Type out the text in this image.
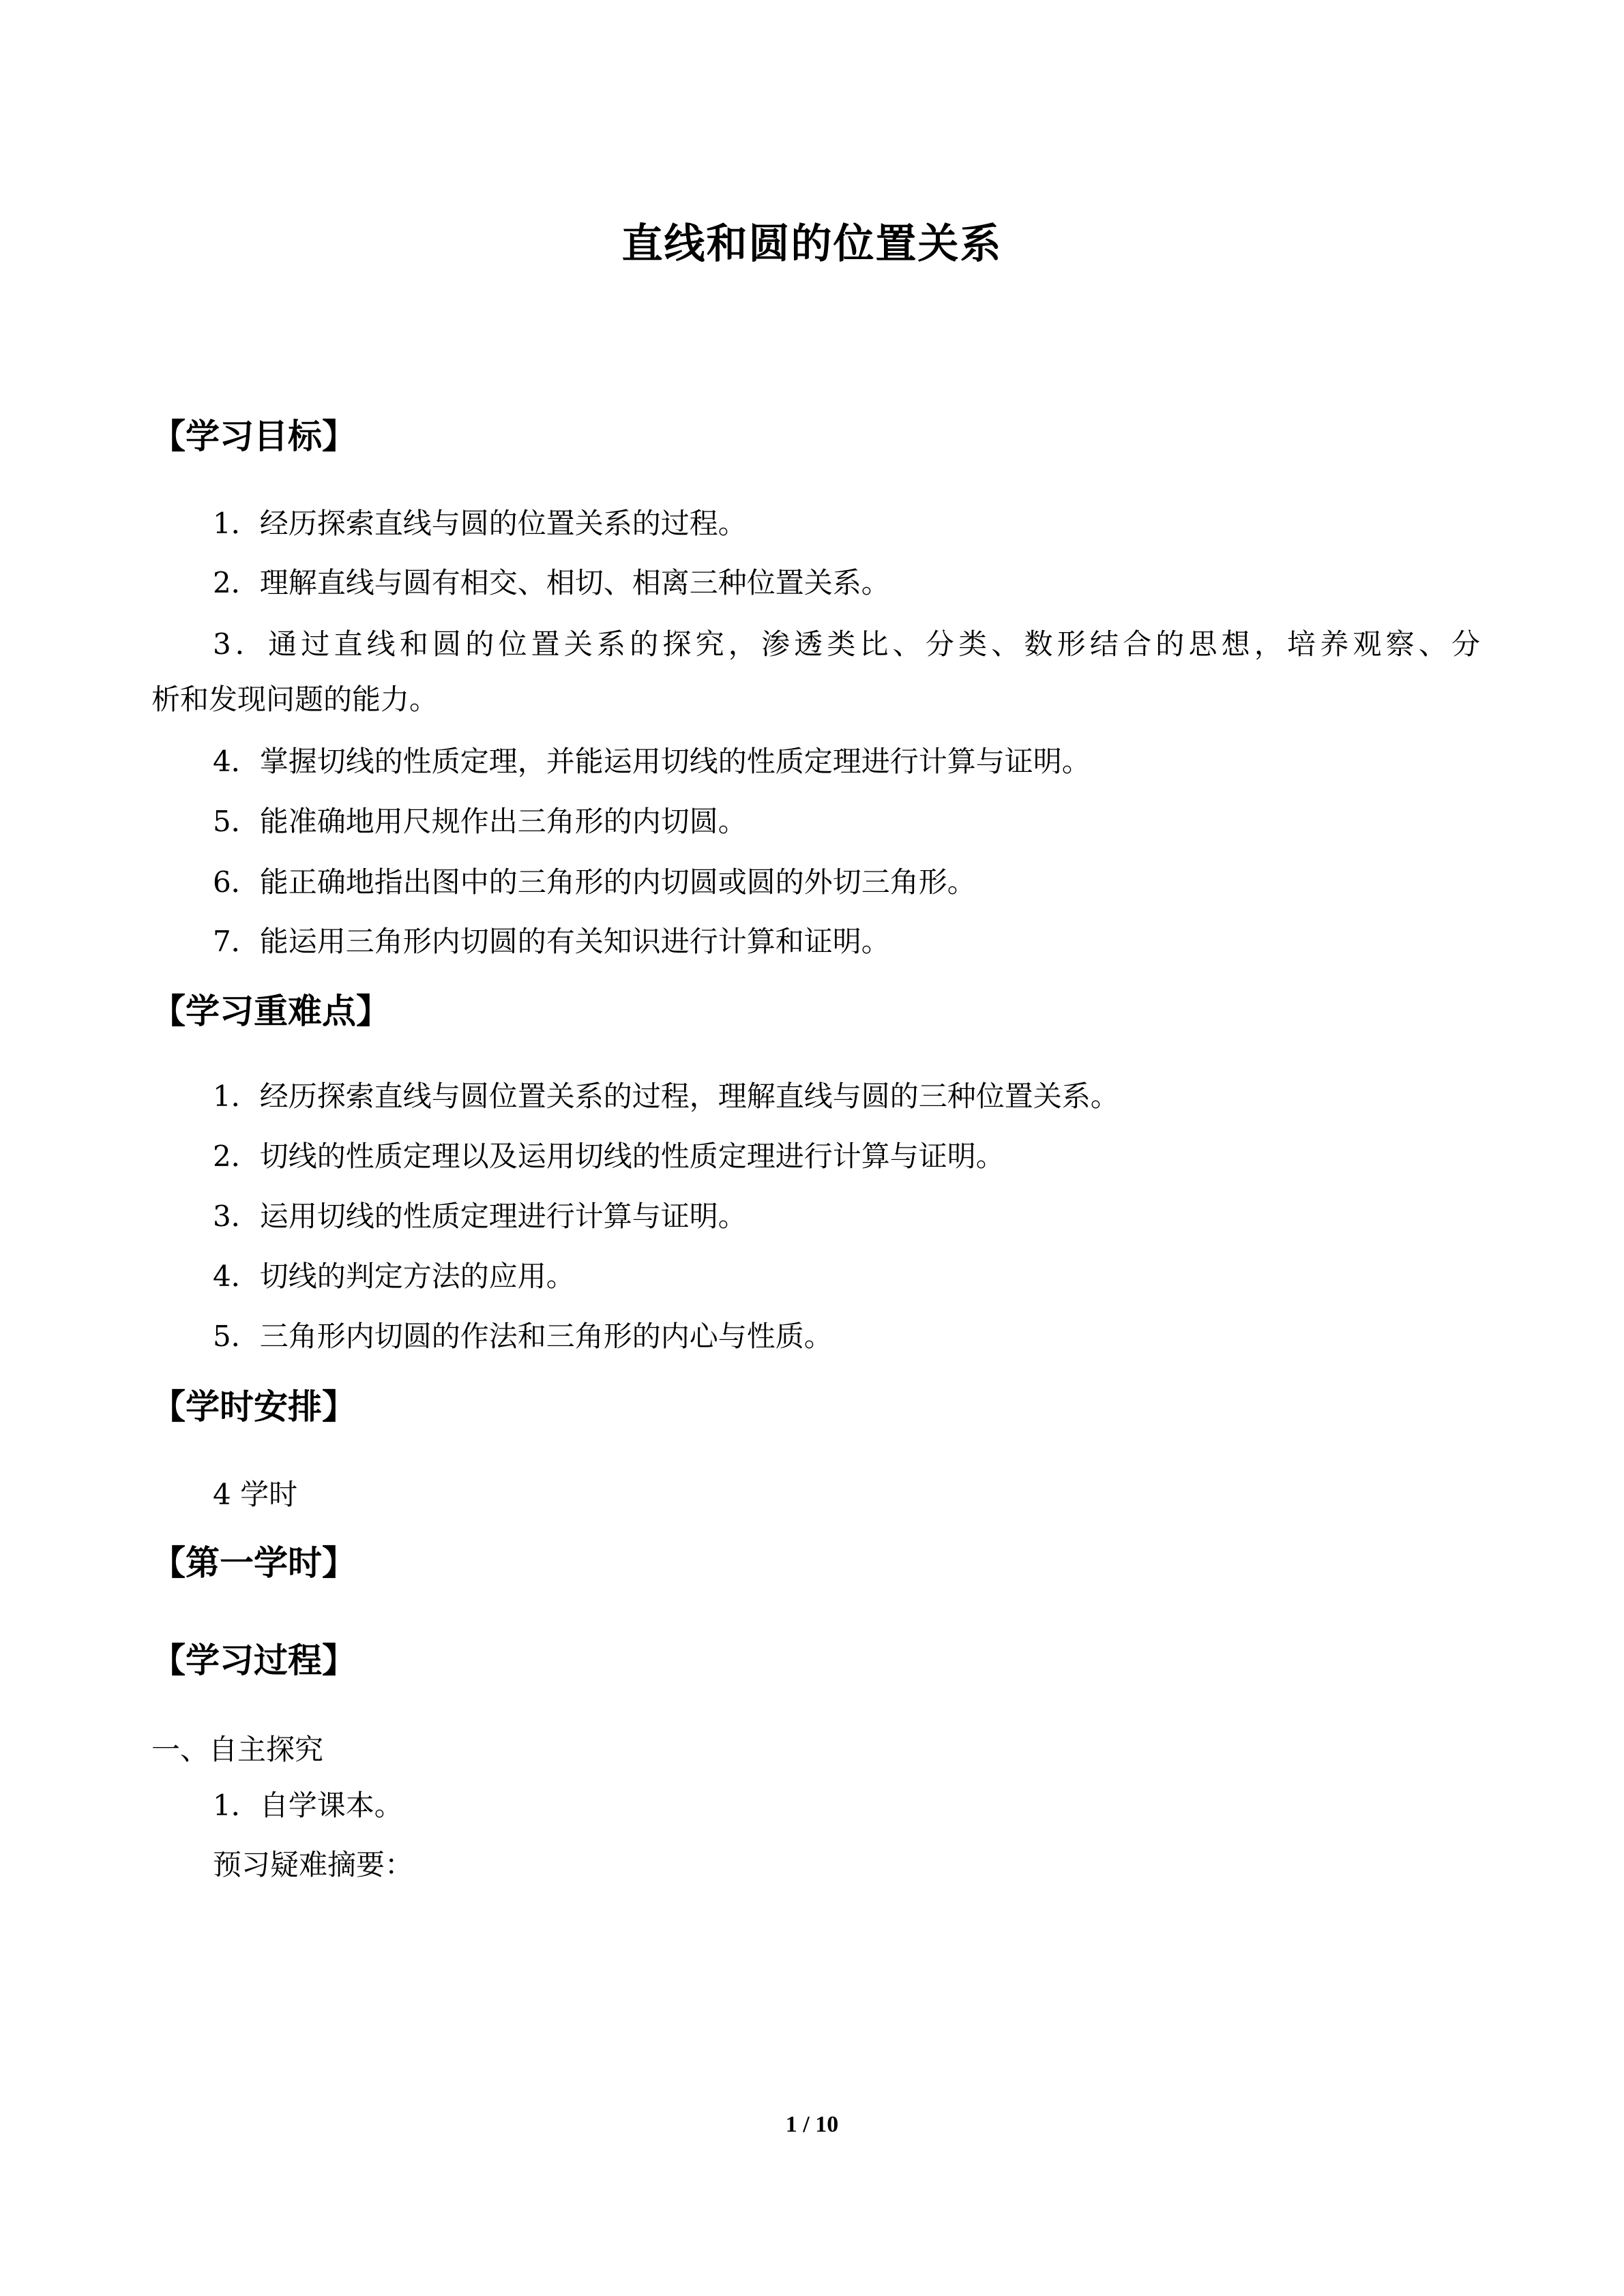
直线和圆的位置关系
【学习目标】
1．经历探索直线与圆的位置关系的过程。
2．理解直线与圆有相交、相切、相离三种位置关系。
3．通过直线和圆的位置关系的探究，渗透类比、分类、数形结合的思想，培养观察、分
析和发现问题的能力。
4．掌握切线的性质定理，并能运用切线的性质定理进行计算与证明。
5．能准确地用尺规作出三角形的内切圆。
6．能正确地指出图中的三角形的内切圆或圆的外切三角形。
7．能运用三角形内切圆的有关知识进行计算和证明。
【学习重难点】
1．经历探索直线与圆位置关系的过程，理解直线与圆的三种位置关系。
2．切线的性质定理以及运用切线的性质定理进行计算与证明。
3．运用切线的性质定理进行计算与证明。
4．切线的判定方法的应用。
5．三角形内切圆的作法和三角形的内心与性质。
【学时安排】
4 学时
【第一学时】
【学习过程】
一、自主探究
1．自学课本。
预习疑难摘要：
1 / 10
